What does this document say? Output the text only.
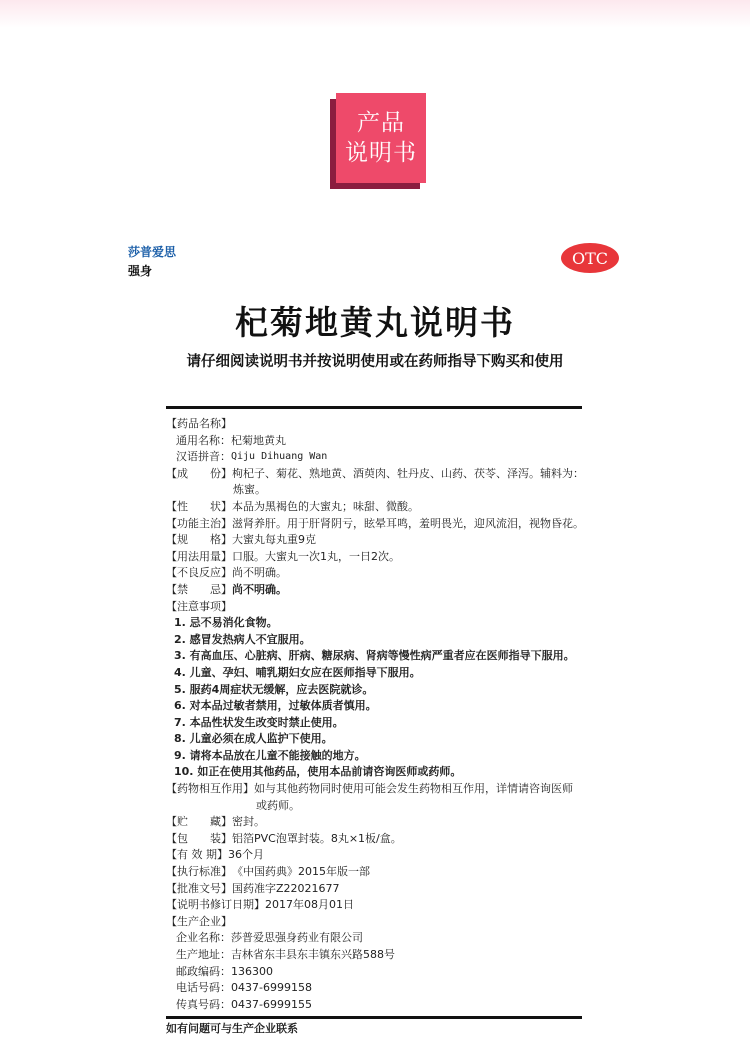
产品
说明书
莎普爱思
强身
OTC
杞菊地黄丸说明书
请仔细阅读说明书并按说明使用或在药师指导下购买和使用
【药品名称】
通用名称： 杞菊地黄丸
汉语拼音： Qiju Dihuang Wan
【成　　份】 枸杞子、菊花、熟地黄、酒萸肉、牡丹皮、山药、茯苓、泽泻。辅料为：
炼蜜。
【性　　状】 本品为黑褐色的大蜜丸；味甜、微酸。
【功能主治】 滋肾养肝。用于肝肾阴亏，眩晕耳鸣，羞明畏光，迎风流泪，视物昏花。
【规　　格】 大蜜丸每丸重9克
【用法用量】 口服。大蜜丸一次1丸，一日2次。
【不良反应】 尚不明确。
【禁　　忌】 尚不明确。
【注意事项】
1. 忌不易消化食物。
2. 感冒发热病人不宜服用。
3. 有高血压、心脏病、肝病、糖尿病、肾病等慢性病严重者应在医师指导下服用。
4. 儿童、孕妇、哺乳期妇女应在医师指导下服用。
5. 服药4周症状无缓解，应去医院就诊。
6. 对本品过敏者禁用，过敏体质者慎用。
7. 本品性状发生改变时禁止使用。
8. 儿童必须在成人监护下使用。
9. 请将本品放在儿童不能接触的地方。
10. 如正在使用其他药品，使用本品前请咨询医师或药师。
【药物相互作用】 如与其他药物同时使用可能会发生药物相互作用，详情请咨询医师
或药师。
【贮　　藏】 密封。
【包　　装】 铝箔PVC泡罩封装。8丸×1板/盒。
【有 效 期】 36个月
【执行标准】 《中国药典》2015年版一部
【批准文号】 国药准字Z22021677
【说明书修订日期】 2017年08月01日
【生产企业】
企业名称： 莎普爱思强身药业有限公司
生产地址： 吉林省东丰县东丰镇东兴路588号
邮政编码： 136300
电话号码： 0437-6999158
传真号码： 0437-6999155
如有问题可与生产企业联系
